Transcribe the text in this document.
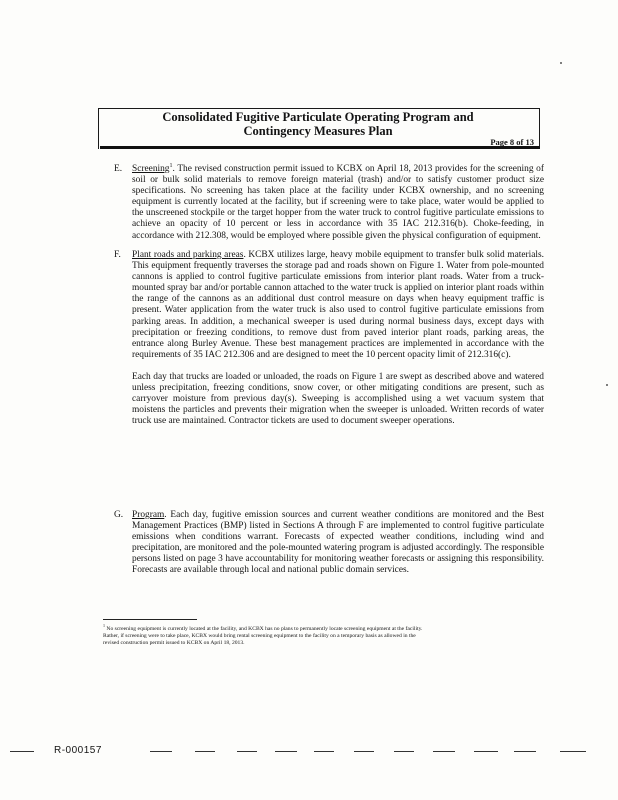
Consolidated Fugitive Particulate Operating Program and
Contingency Measures Plan
Page 8 of 13
E. Screening$^1$. The revised construction permit issued to KCBX on April 18, 2013 provides for the screening of soil or bulk solid materials to remove foreign material (trash) and/or to satisfy customer product size specifications. No screening has taken place at the facility under KCBX ownership, and no screening equipment is currently located at the facility, but if screening were to take place, water would be applied to the unscreened stockpile or the target hopper from the water truck to control fugitive particulate emissions to achieve an opacity of 10 percent or less in accordance with 35 IAC 212.316(b). Choke-feeding, in accordance with 212.308, would be employed where possible given the physical configuration of equipment.

F. Plant roads and parking areas. KCBX utilizes large, heavy mobile equipment to transfer bulk solid materials. This equipment frequently traverses the storage pad and roads shown on Figure 1. Water from pole-mounted cannons is applied to control fugitive particulate emissions from interior plant roads. Water from a truck-mounted spray bar and/or portable cannon attached to the water truck is applied on interior plant roads within the range of the cannons as an additional dust control measure on days when heavy equipment traffic is present. Water application from the water truck is also used to control fugitive particulate emissions from parking areas. In addition, a mechanical sweeper is used during normal business days, except days with precipitation or freezing conditions, to remove dust from paved interior plant roads, parking areas, the entrance along Burley Avenue. These best management practices are implemented in accordance with the requirements of 35 IAC 212.306 and are designed to meet the 10 percent opacity limit of 212.316(c).

Each day that trucks are loaded or unloaded, the roads on Figure 1 are swept as described above and watered unless precipitation, freezing conditions, snow cover, or other mitigating conditions are present, such as carryover moisture from previous day(s). Sweeping is accomplished using a wet vacuum system that moistens the particles and prevents their migration when the sweeper is unloaded. Written records of water truck use are maintained. Contractor tickets are used to document sweeper operations.

G. Program. Each day, fugitive emission sources and current weather conditions are monitored and the Best Management Practices (BMP) listed in Sections A through F are implemented to control fugitive particulate emissions when conditions warrant. Forecasts of expected weather conditions, including wind and precipitation, are monitored and the pole-mounted watering program is adjusted accordingly. The responsible persons listed on page 3 have accountability for monitoring weather forecasts or assigning this responsibility. Forecasts are available through local and national public domain services.

$^1$ No screening equipment is currently located at the facility, and KCBX has no plans to permanently locate screening equipment at the facility. Rather, if screening were to take place, KCBX would bring rental screening equipment to the facility on a temporary basis as allowed in the revised construction permit issued to KCBX on April 18, 2013.
R-000157
